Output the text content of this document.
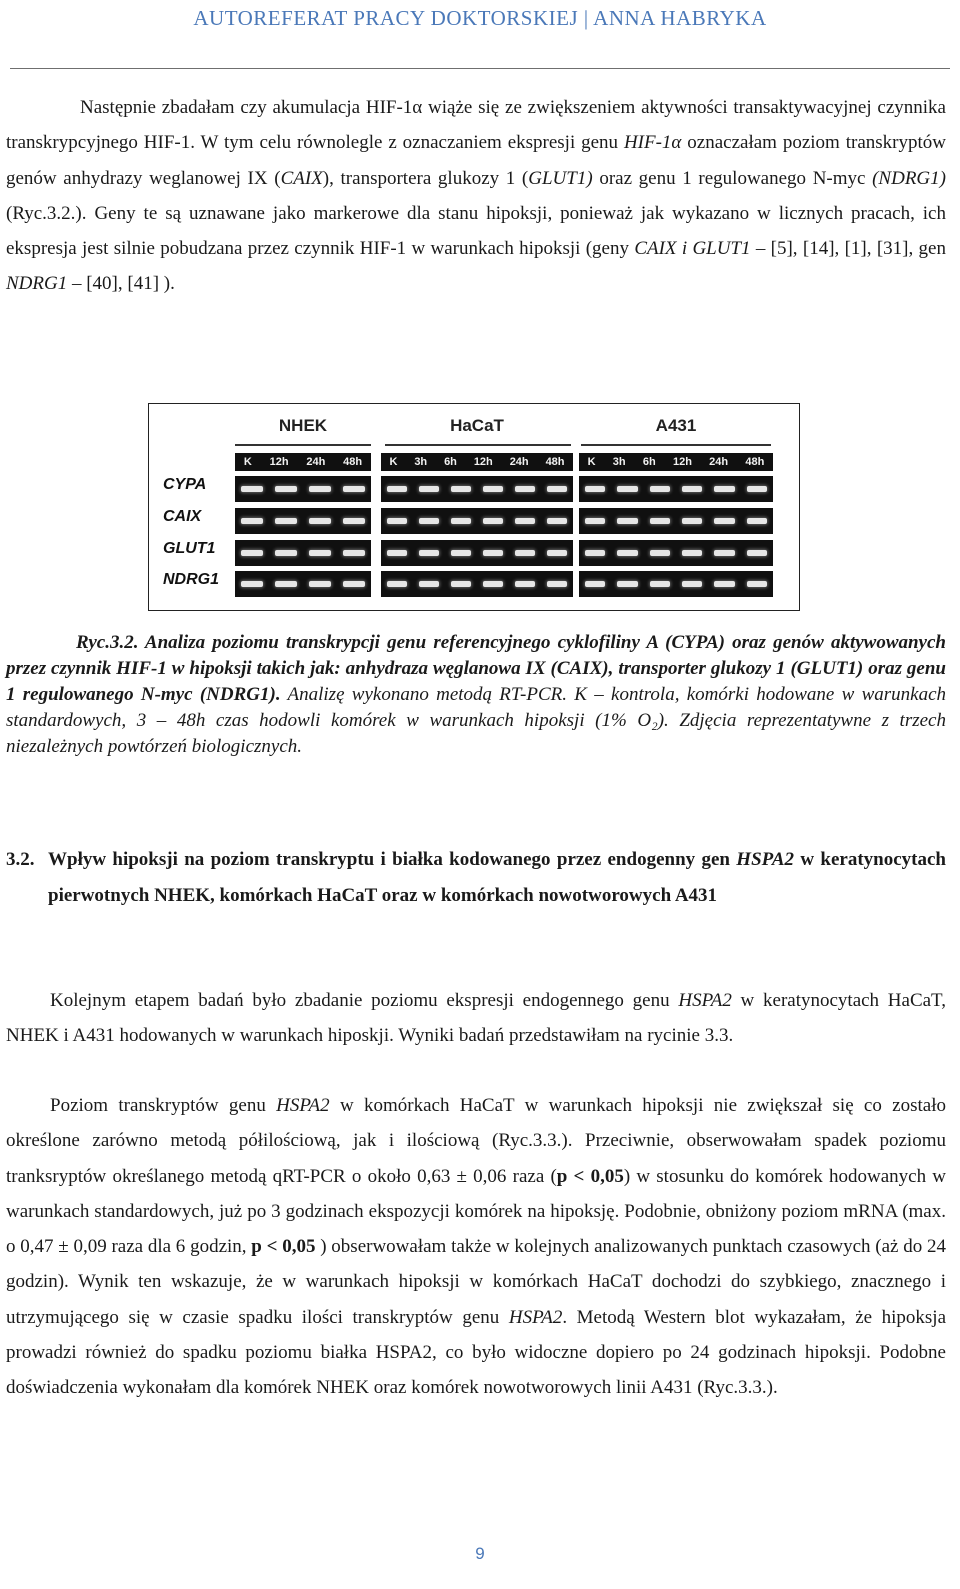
AUTOREFERAT PRACY DOKTORSKIEJ | ANNA HABRYKA

Następnie zbadałam czy akumulacja HIF-1α wiąże się ze zwiększeniem aktywności transaktywacyjnej czynnika transkrypcyjnego HIF-1. W tym celu równolegle z oznaczaniem ekspresji genu HIF-1α oznaczałam poziom transkryptów genów anhydrazy weglanowej IX (CAIX), transportera glukozy 1 (GLUT1) oraz genu 1 regulowanego N-myc (NDRG1) (Ryc.3.2.). Geny te są uznawane jako markerowe dla stanu hipoksji, ponieważ jak wykazano w licznych pracach, ich ekspresja jest silnie pobudzana przez czynnik HIF-1 w warunkach hipoksji (geny CAIX i GLUT1 – [5], [14], [1], [31], gen NDRG1 – [40], [41] ).

NHEK	HaCaT	A431
K 12h 24h 48h K 3h 6h 12h 24h 48h K 3h 6h 12h 24h 48h
CYPA
CAIX
GLUT1
NDRG1

Ryc.3.2. Analiza poziomu transkrypcji genu referencyjnego cyklofiliny A (CYPA) oraz genów aktywowanych przez czynnik HIF-1 w hipoksji takich jak: anhydraza węglanowa IX (CAIX), transporter glukozy 1 (GLUT1) oraz genu 1 regulowanego N-myc (NDRG1). Analizę wykonano metodą RT-PCR. K – kontrola, komórki hodowane w warunkach standardowych, 3 – 48h czas hodowli komórek w warunkach hipoksji (1% O₂). Zdjęcia reprezentatywne z trzech niezależnych powtórzeń biologicznych.

3.2. Wpływ hipoksji na poziom transkryptu i białka kodowanego przez endogenny gen HSPA2 w keratynocytach pierwotnych NHEK, komórkach HaCaT oraz w komórkach nowotworowych A431

Kolejnym etapem badań było zbadanie poziomu ekspresji endogennego genu HSPA2 w keratynocytach HaCaT, NHEK i A431 hodowanych w warunkach hiposkji. Wyniki badań przedstawiłam na rycinie 3.3.

Poziom transkryptów genu HSPA2 w komórkach HaCaT w warunkach hipoksji nie zwiększał się co zostało określone zarówno metodą półilościową, jak i ilościową (Ryc.3.3.). Przeciwnie, obserwowałam spadek poziomu tranksryptów określanego metodą qRT-PCR o około 0,63 ± 0,06 raza (p < 0,05) w stosunku do komórek hodowanych w warunkach standardowych, już po 3 godzinach ekspozycji komórek na hipoksję. Podobnie, obniżony poziom mRNA (max. o 0,47 ± 0,09 raza dla 6 godzin, p < 0,05 ) obserwowałam także w kolejnych analizowanych punktach czasowych (aż do 24 godzin). Wynik ten wskazuje, że w warunkach hipoksji w komórkach HaCaT dochodzi do szybkiego, znacznego i utrzymującego się w czasie spadku ilości transkryptów genu HSPA2. Metodą Western blot wykazałam, że hipoksja prowadzi również do spadku poziomu białka HSPA2, co było widoczne dopiero po 24 godzinach hipoksji. Podobne doświadczenia wykonałam dla komórek NHEK oraz komórek nowotworowych linii A431 (Ryc.3.3.).

9
